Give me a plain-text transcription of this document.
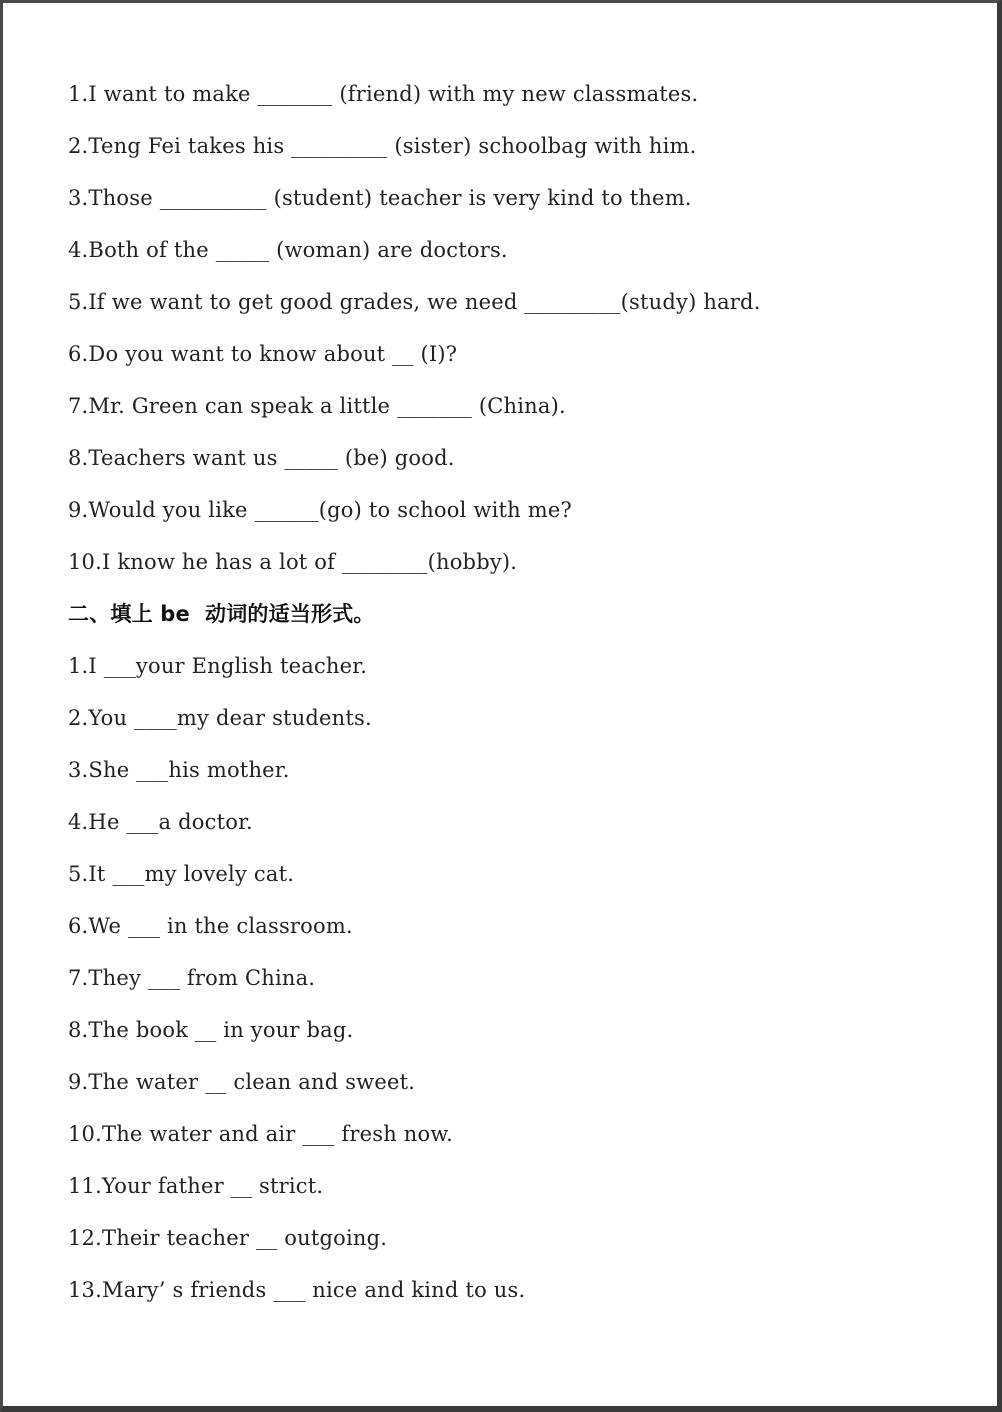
1.I want to make _______ (friend) with my new classmates.
2.Teng Fei takes his _________ (sister) schoolbag with him.
3.Those __________ (student) teacher is very kind to them.
4.Both of the _____ (woman) are doctors.
5.If we want to get good grades, we need _________(study) hard.
6.Do you want to know about __ (I)?
7.Mr. Green can speak a little _______ (China).
8.Teachers want us _____ (be) good.
9.Would you like ______(go) to school with me?
10.I know he has a lot of ________(hobby).
二、填上 be  动词的适当形式。
1.I ___your English teacher.
2.You ____my dear students.
3.She ___his mother.
4.He ___a doctor.
5.It ___my lovely cat.
6.We ___ in the classroom.
7.They ___ from China.
8.The book __ in your bag.
9.The water __ clean and sweet.
10.The water and air ___ fresh now.
11.Your father __ strict.
12.Their teacher __ outgoing.
13.Mary’ s friends ___ nice and kind to us.
